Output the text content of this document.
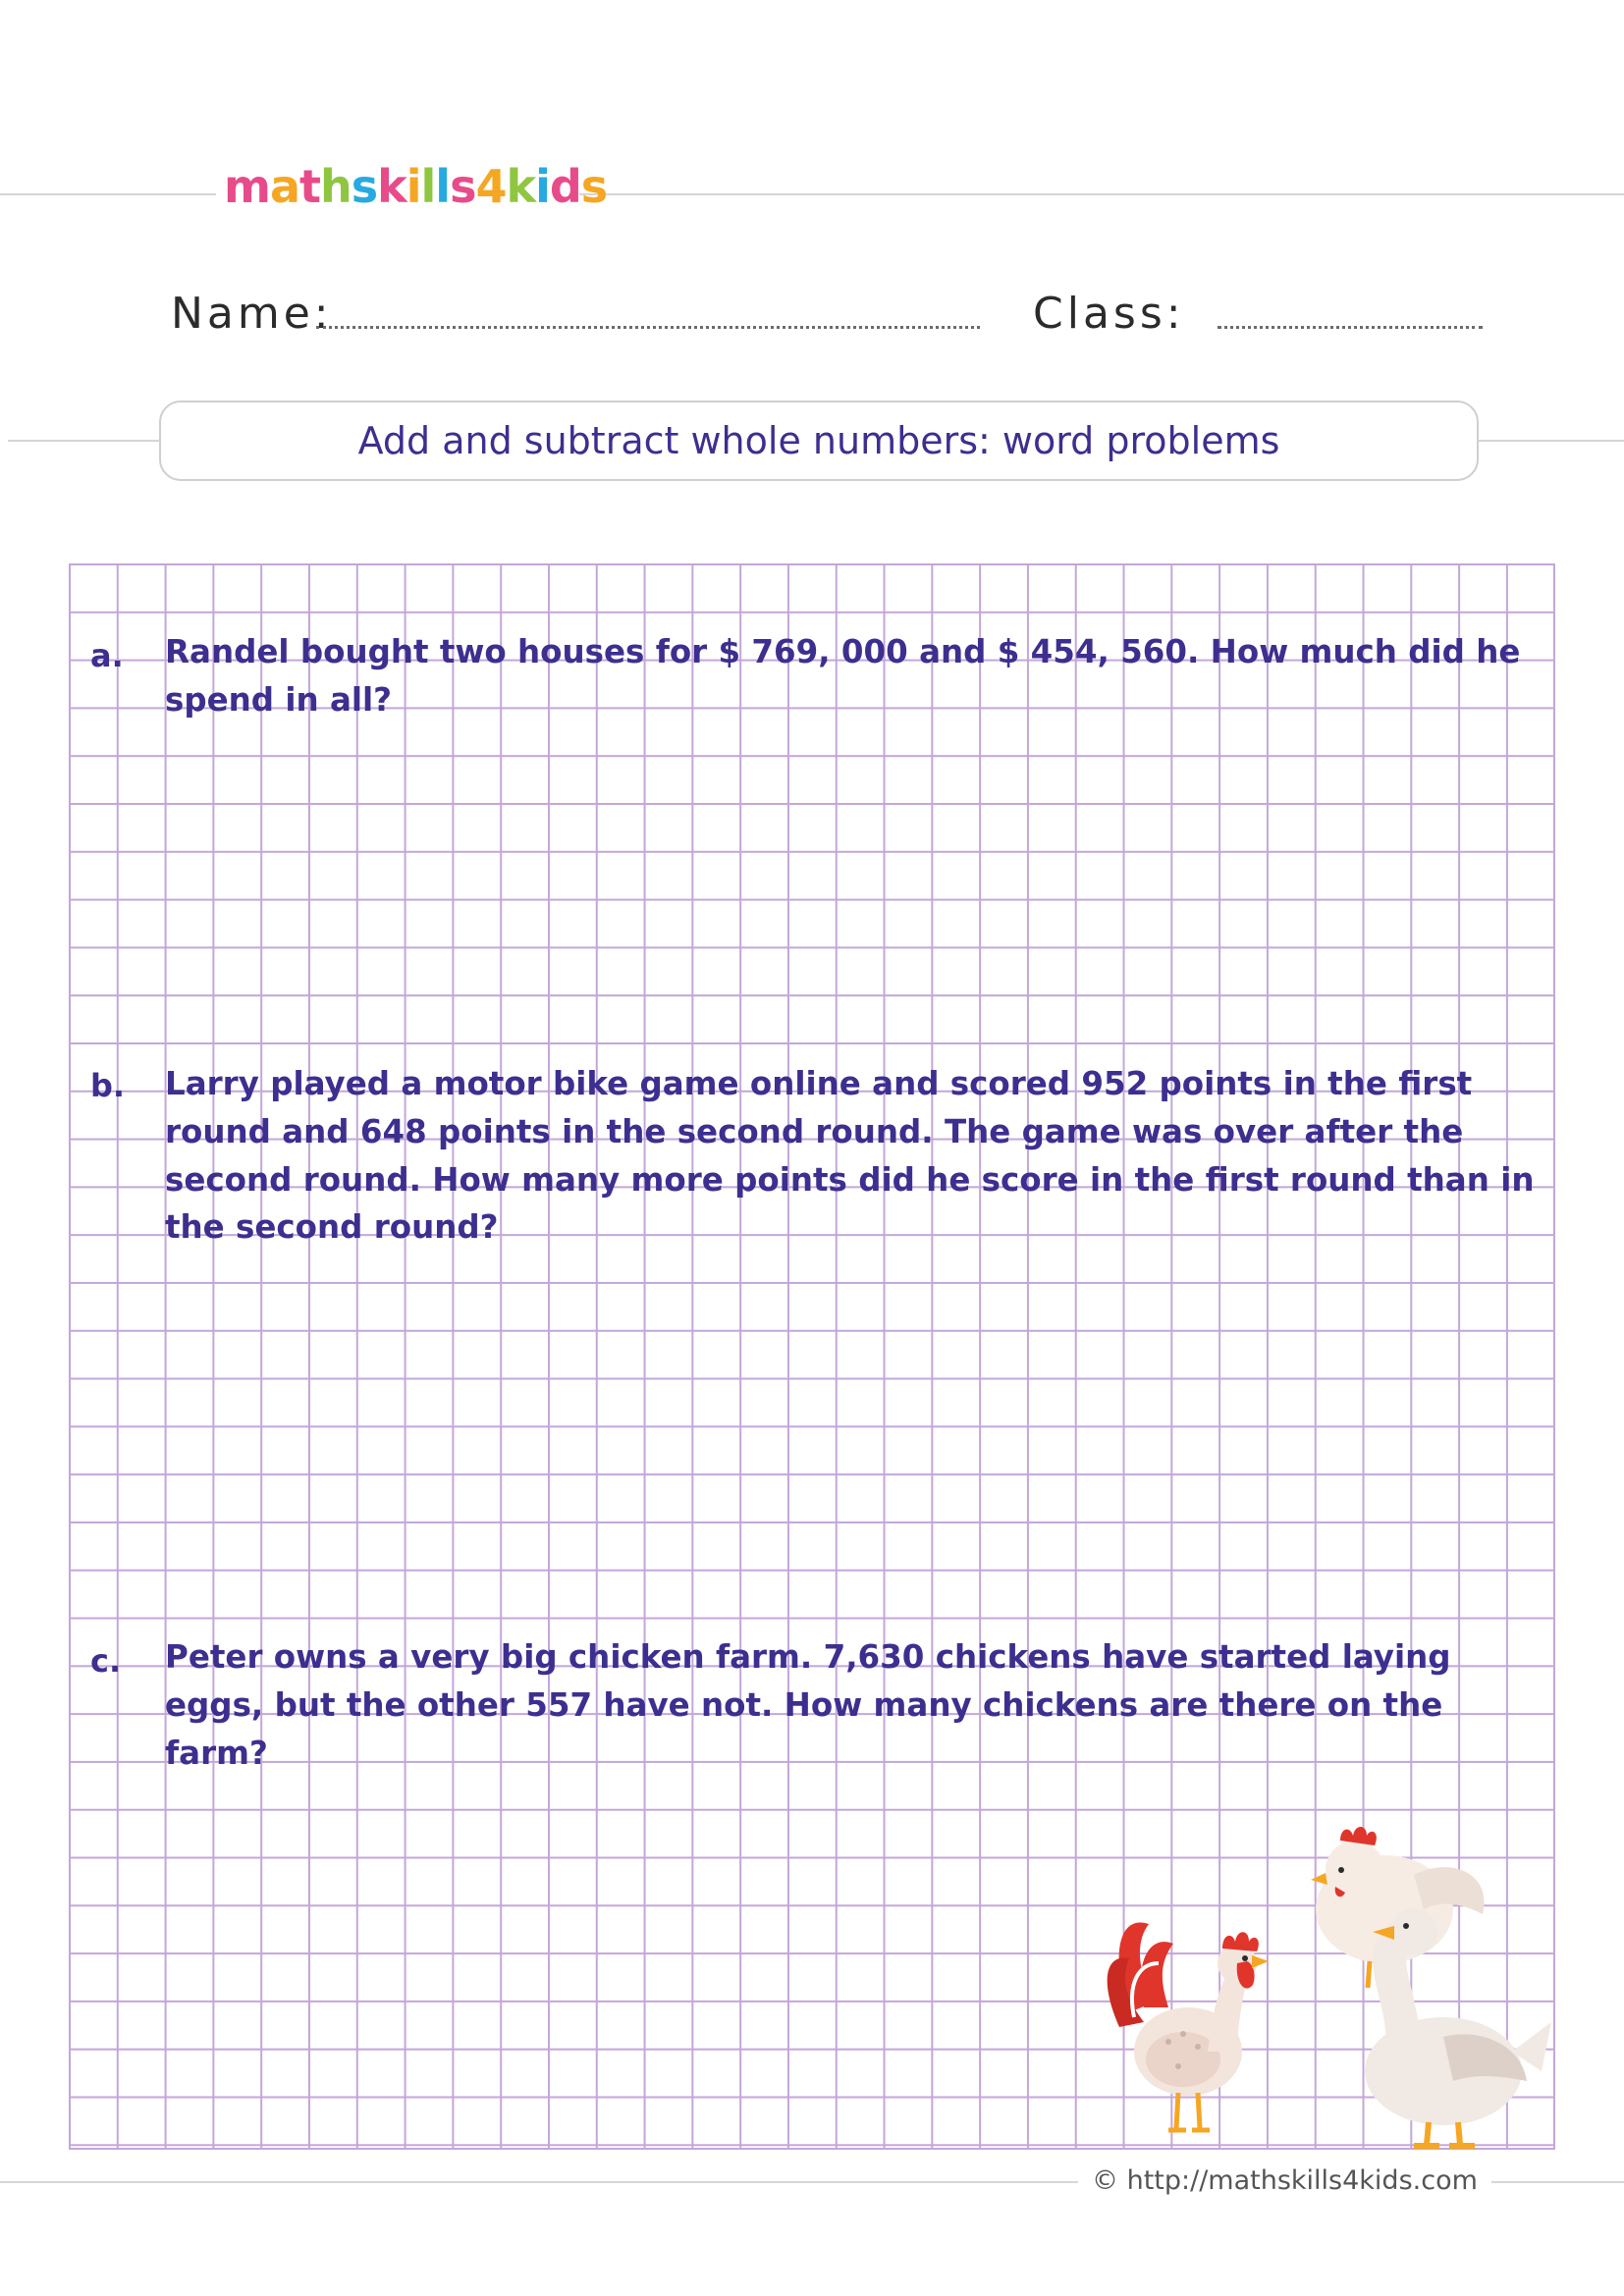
mathskills4kids
Name:	Class:
Add and subtract whole numbers: word problems
a. Randel bought two houses for $ 769, 000 and $ 454, 560. How much did he spend in all?
b. Larry played a motor bike game online and scored 952 points in the first round and 648 points in the second round. The game was over after the second round. How many more points did he score in the first round than in the second round?
c. Peter owns a very big chicken farm. 7,630 chickens have started laying eggs, but the other 557 have not. How many chickens are there on the farm?
© http://mathskills4kids.com
